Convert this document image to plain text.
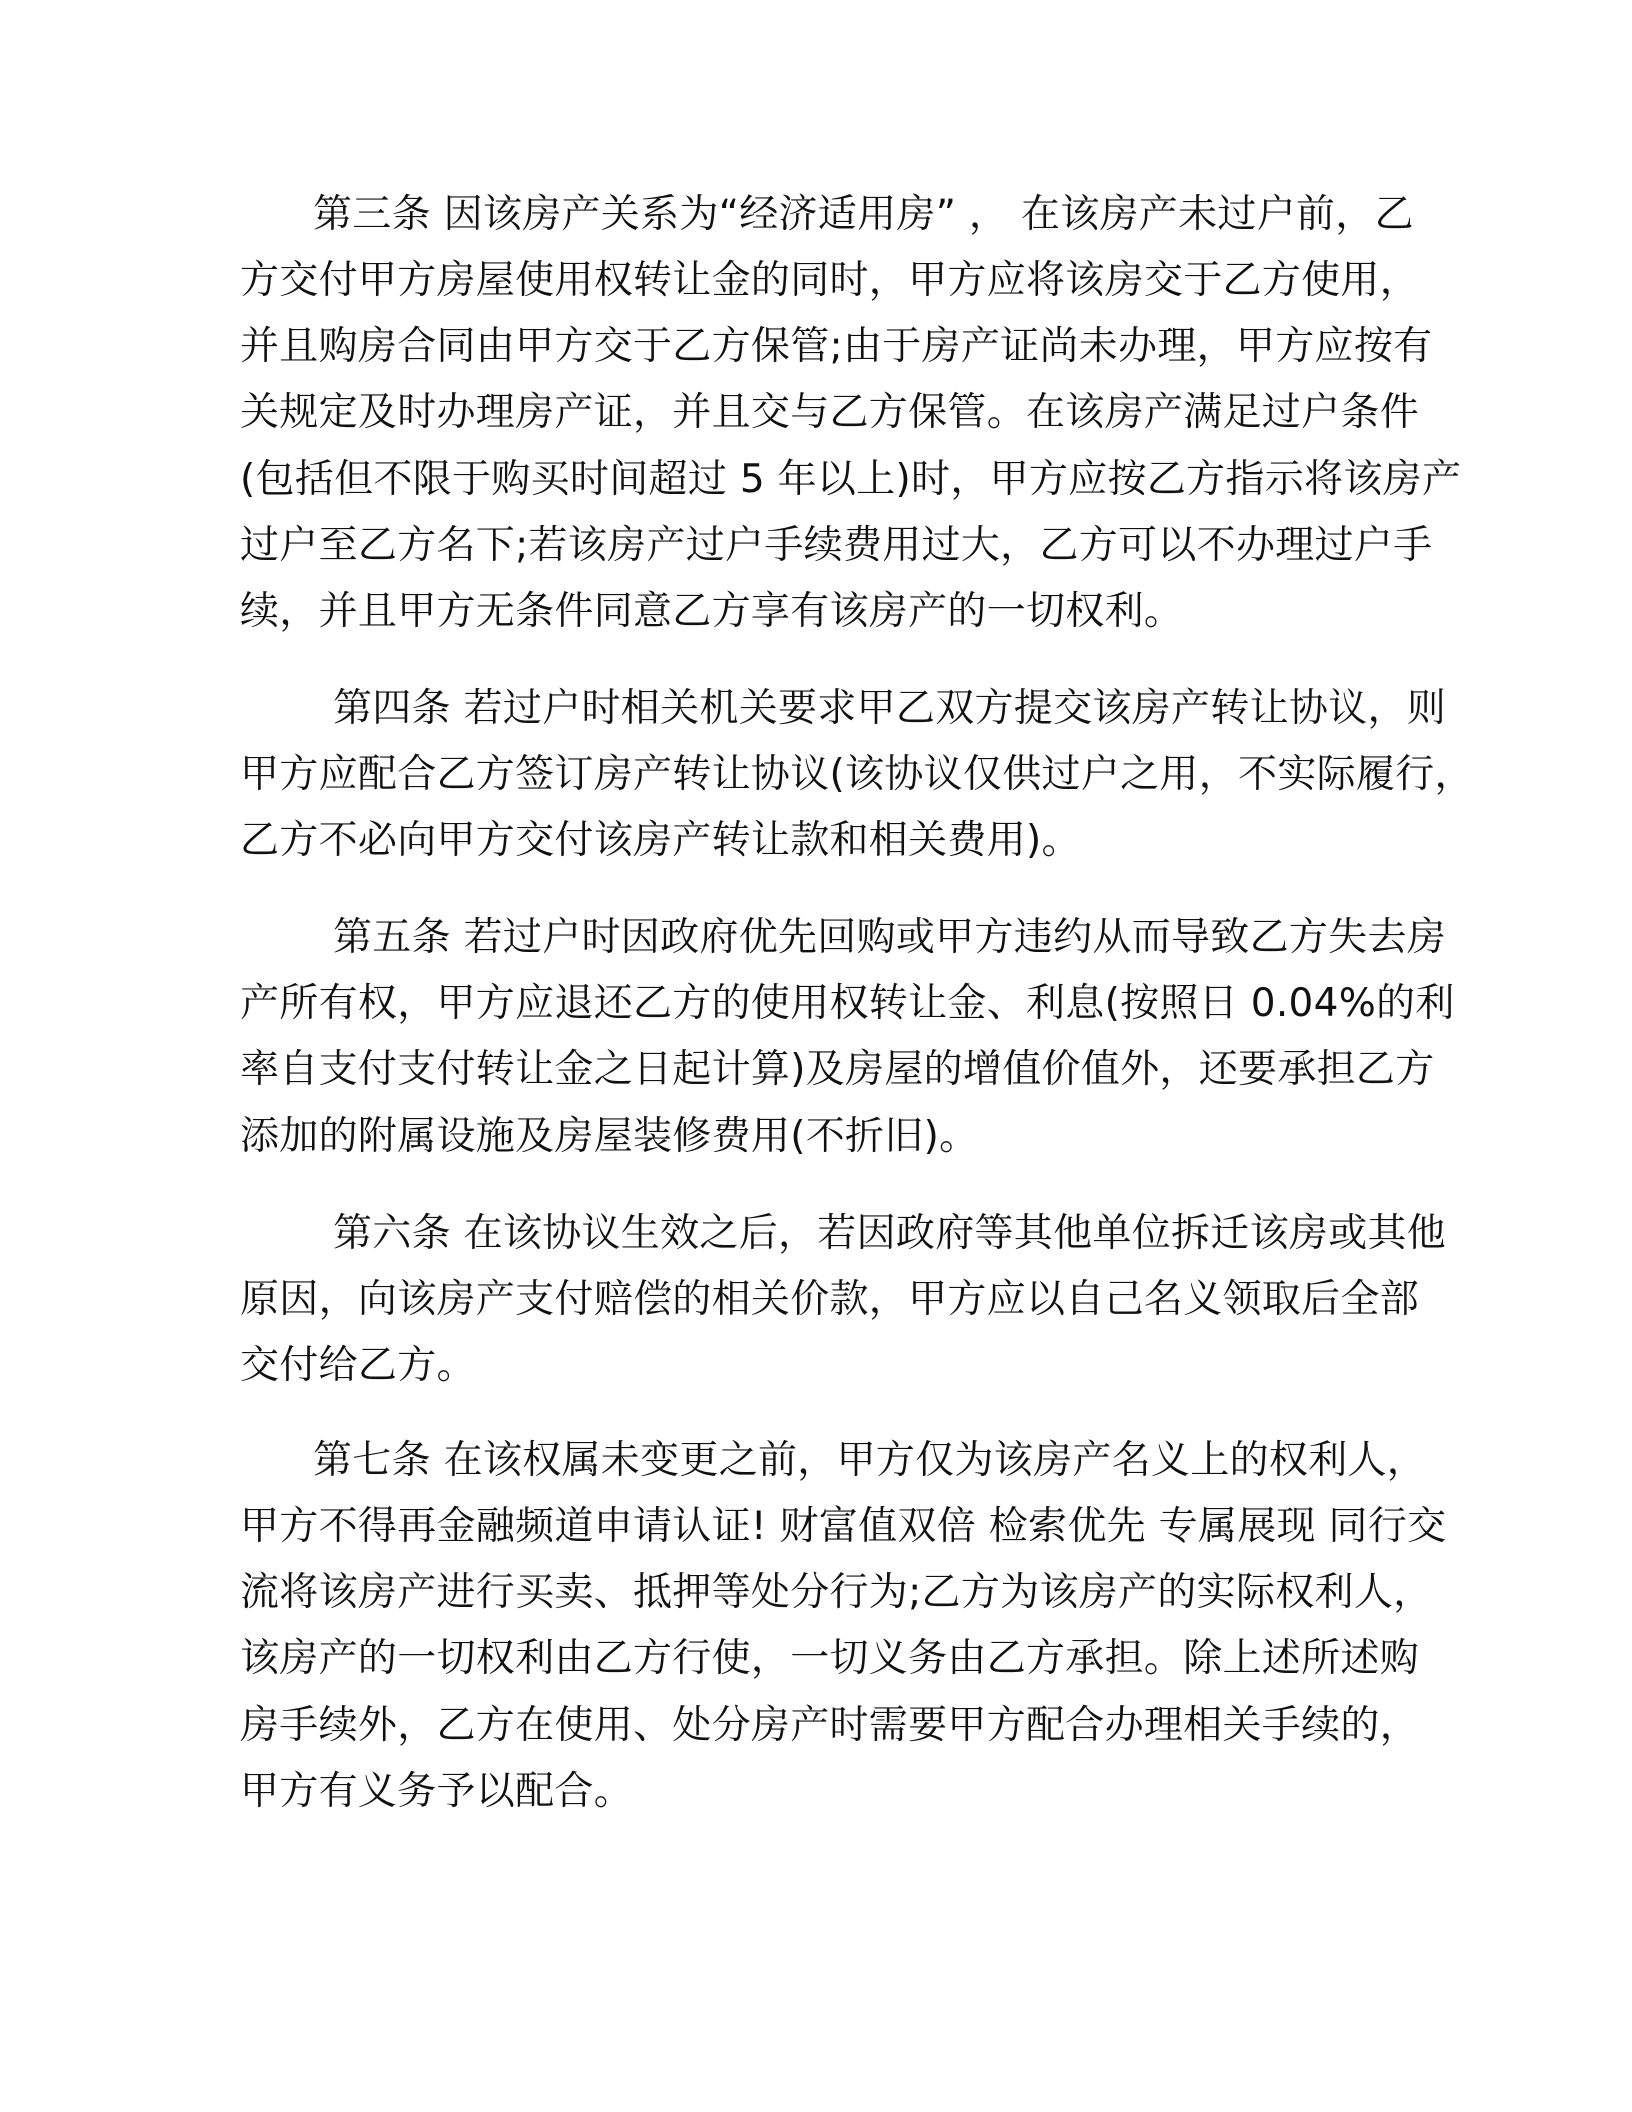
第三条 因该房产关系为“经济适用房” ， 在该房产未过户前，乙
方交付甲方房屋使用权转让金的同时，甲方应将该房交于乙方使用，
并且购房合同由甲方交于乙方保管;由于房产证尚未办理，甲方应按有
关规定及时办理房产证，并且交与乙方保管。在该房产满足过户条件
(包括但不限于购买时间超过 5 年以上)时，甲方应按乙方指示将该房产
过户至乙方名下;若该房产过户手续费用过大，乙方可以不办理过户手
续，并且甲方无条件同意乙方享有该房产的一切权利。
第四条 若过户时相关机关要求甲乙双方提交该房产转让协议，则
甲方应配合乙方签订房产转让协议(该协议仅供过户之用，不实际履行，
乙方不必向甲方交付该房产转让款和相关费用)。
第五条 若过户时因政府优先回购或甲方违约从而导致乙方失去房
产所有权，甲方应退还乙方的使用权转让金、利息(按照日 0.04%的利
率自支付支付转让金之日起计算)及房屋的增值价值外，还要承担乙方
添加的附属设施及房屋装修费用(不折旧)。
第六条 在该协议生效之后，若因政府等其他单位拆迁该房或其他
原因，向该房产支付赔偿的相关价款，甲方应以自己名义领取后全部
交付给乙方。
第七条 在该权属未变更之前，甲方仅为该房产名义上的权利人，
甲方不得再金融频道申请认证! 财富值双倍 检索优先 专属展现 同行交
流将该房产进行买卖、抵押等处分行为;乙方为该房产的实际权利人，
该房产的一切权利由乙方行使，一切义务由乙方承担。除上述所述购
房手续外，乙方在使用、处分房产时需要甲方配合办理相关手续的，
甲方有义务予以配合。
